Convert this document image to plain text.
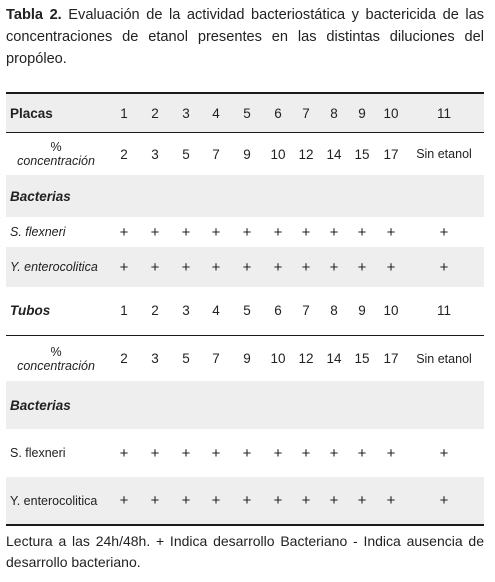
Tabla 2. Evaluación de la actividad bacteriostática y bactericida de las concentraciones de etanol presentes en las distintas diluciones del propóleo.
Placas	1 2 3 4 5 6 7 8 9 10	11
%
concentración	2 3 5 7 9 10 12 14 15 17 Sin etanol
Bacterias
S. flexneri	+ + + + + + + + + +	+
Y. enterocolitica	+ + + + + + + + + +	+
Tubos	1 2 3 4 5 6 7 8 9 10	11
%
concentración	2 3 5 7 9 10 12 14 15 17 Sin etanol
Bacterias
S. flexneri	+ + + + + + + + + +	+
Y. enterocolitica	+ + + + + + + + + +	+
Lectura a las 24h/48h. + Indica desarrollo Bacteriano - Indica ausencia de desarrollo bacteriano.
